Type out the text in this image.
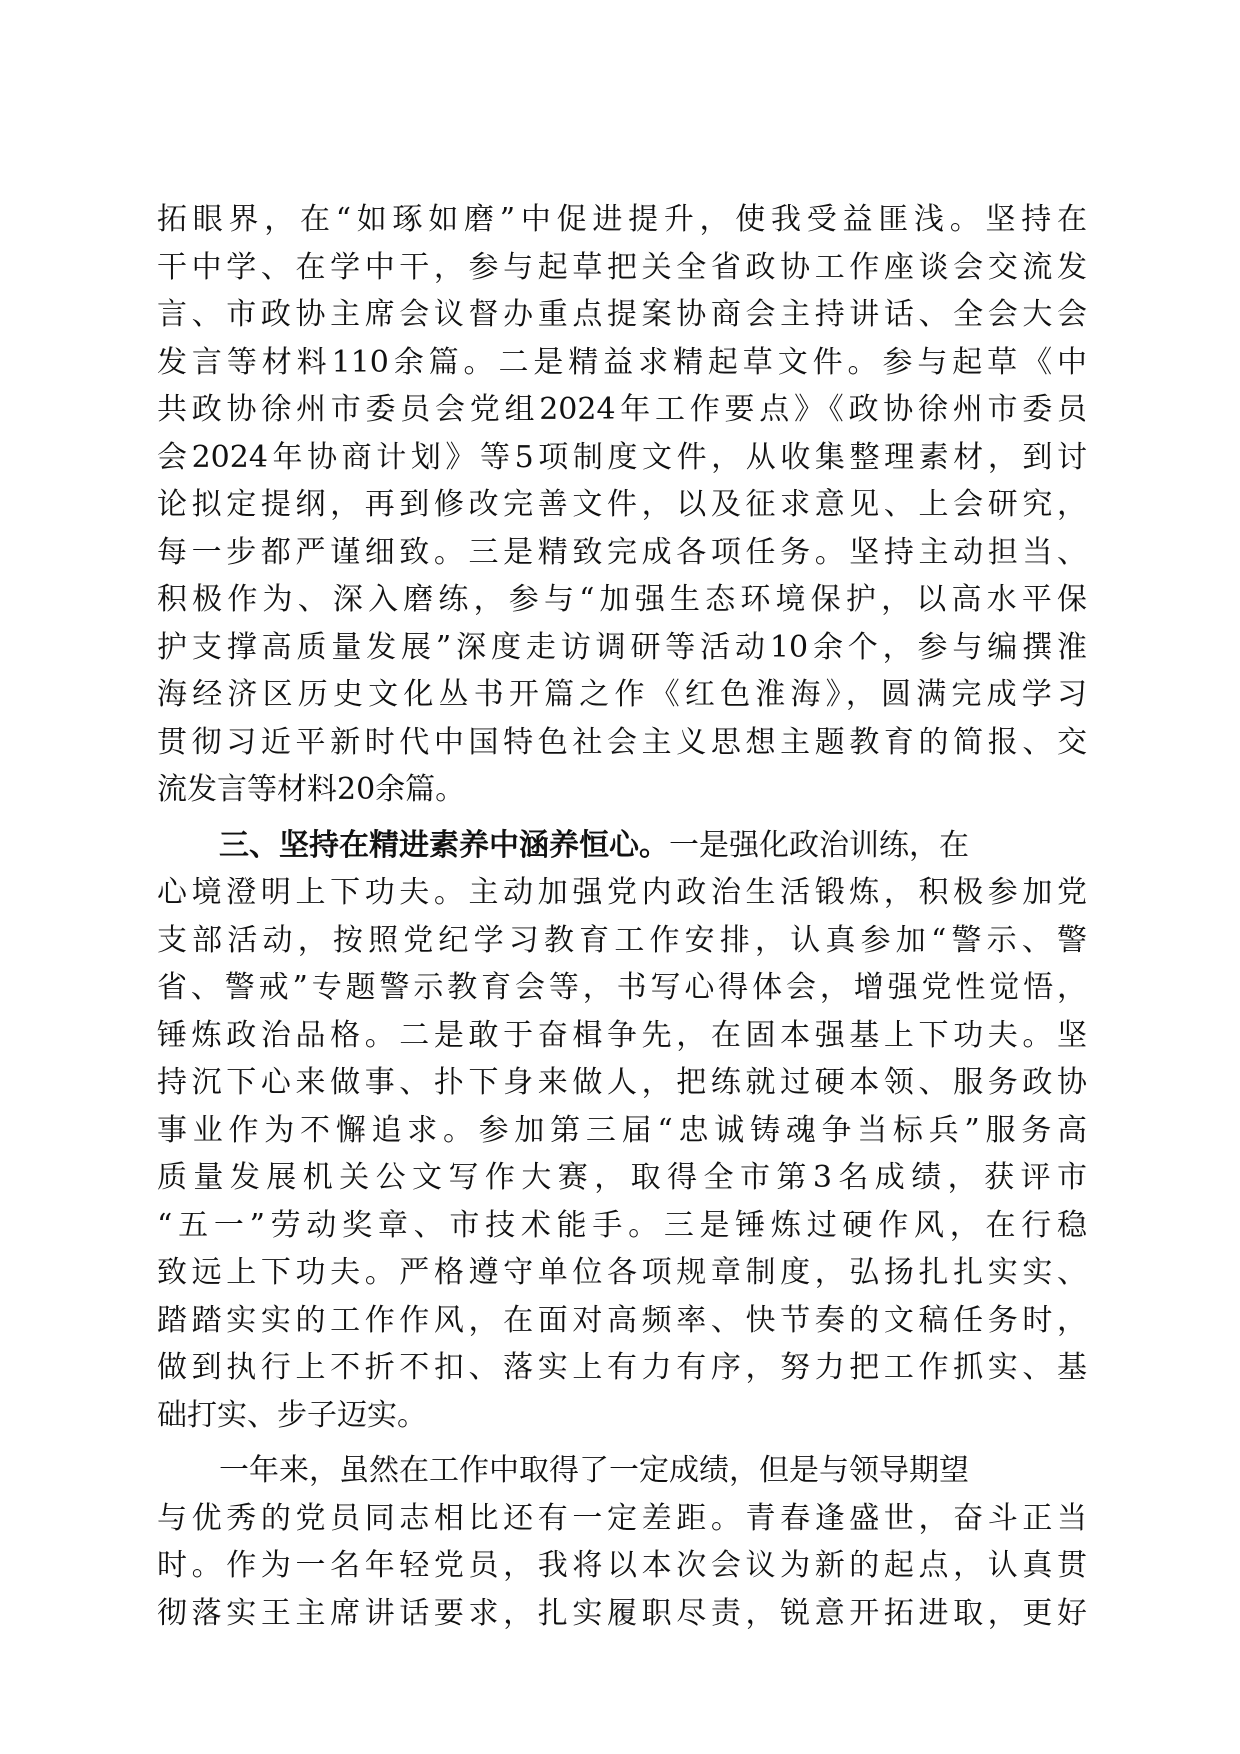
拓眼界，在“如琢如磨”中促进提升，使我受益匪浅。坚持在
干中学、在学中干，参与起草把关全省政协工作座谈会交流发
言、市政协主席会议督办重点提案协商会主持讲话、全会大会
发言等材料110余篇。二是精益求精起草文件。参与起草《中
共政协徐州市委员会党组2024年工作要点》《政协徐州市委员
会2024年协商计划》等5项制度文件，从收集整理素材，到讨
论拟定提纲，再到修改完善文件，以及征求意见、上会研究，
每一步都严谨细致。三是精致完成各项任务。坚持主动担当、
积极作为、深入磨练，参与“加强生态环境保护，以高水平保
护支撑高质量发展”深度走访调研等活动10余个，参与编撰淮
海经济区历史文化丛书开篇之作《红色淮海》，圆满完成学习
贯彻习近平新时代中国特色社会主义思想主题教育的简报、交
流发言等材料20余篇。
三、坚持在精进素养中涵养恒心。一是强化政治训练，在
心境澄明上下功夫。主动加强党内政治生活锻炼，积极参加党
支部活动，按照党纪学习教育工作安排，认真参加“警示、警
省、警戒”专题警示教育会等，书写心得体会，增强党性觉悟，
锤炼政治品格。二是敢于奋楫争先，在固本强基上下功夫。坚
持沉下心来做事、扑下身来做人，把练就过硬本领、服务政协
事业作为不懈追求。参加第三届“忠诚铸魂争当标兵”服务高
质量发展机关公文写作大赛，取得全市第3名成绩，获评市
“五一”劳动奖章、市技术能手。三是锤炼过硬作风，在行稳
致远上下功夫。严格遵守单位各项规章制度，弘扬扎扎实实、
踏踏实实的工作作风，在面对高频率、快节奏的文稿任务时，
做到执行上不折不扣、落实上有力有序，努力把工作抓实、基
础打实、步子迈实。
一年来，虽然在工作中取得了一定成绩，但是与领导期望
与优秀的党员同志相比还有一定差距。青春逢盛世，奋斗正当
时。作为一名年轻党员，我将以本次会议为新的起点，认真贯
彻落实王主席讲话要求，扎实履职尽责，锐意开拓进取，更好
